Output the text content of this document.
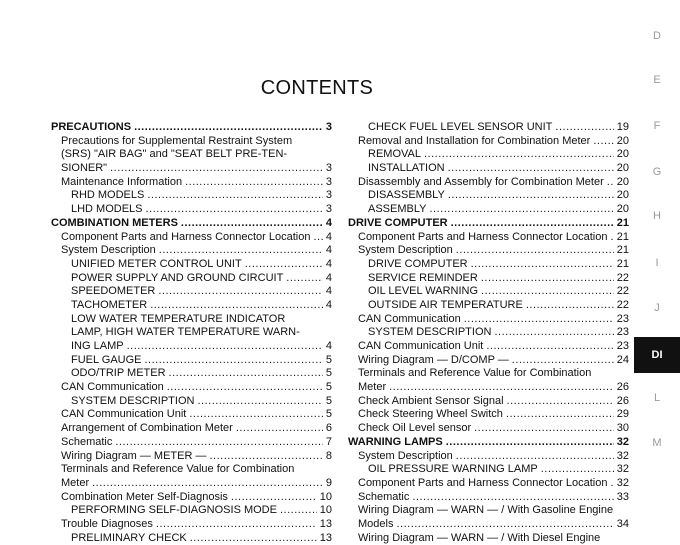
CONTENTS
PRECAUTIONS .....	3
Precautions for Supplemental Restraint System
(SRS) "AIR BAG" and "SEAT BELT PRE-TEN-
SIONER" .....	3
Maintenance Information .....	3
RHD MODELS .....	3
LHD MODELS .....	3
COMBINATION METERS .....	4
Component Parts and Harness Connector Location ..... 4
System Description .....	4
UNIFIED METER CONTROL UNIT .....	4
POWER SUPPLY AND GROUND CIRCUIT .....	4
SPEEDOMETER .....	4
TACHOMETER .....	4
LOW WATER TEMPERATURE INDICATOR
LAMP, HIGH WATER TEMPERATURE WARN-
ING LAMP .....	4
FUEL GAUGE .....	5
ODO/TRIP METER .....	5
CAN Communication .....	5
SYSTEM DESCRIPTION .....	5
CAN Communication Unit .....	5
Arrangement of Combination Meter .....	6
Schematic .....	7
Wiring Diagram — METER — .....	8
Terminals and Reference Value for Combination
Meter .....	9
Combination Meter Self-Diagnosis .....	10
PERFORMING SELF-DIAGNOSIS MODE .....	10
Trouble Diagnoses .....	13
PRELIMINARY CHECK .....	13
CHECK FUEL LEVEL SENSOR UNIT .....	19
Removal and Installation for Combination Meter ..... 20
REMOVAL .....	20
INSTALLATION .....	20
Disassembly and Assembly for Combination Meter ..... 20
DISASSEMBLY .....	20
ASSEMBLY .....	20
DRIVE COMPUTER .....	21
Component Parts and Harness Connector Location ..... 21
System Description .....	21
DRIVE COMPUTER .....	21
SERVICE REMINDER .....	22
OIL LEVEL WARNING .....	22
OUTSIDE AIR TEMPERATURE .....	22
CAN Communication .....	23
SYSTEM DESCRIPTION .....	23
CAN Communication Unit .....	23
Wiring Diagram — D/COMP — .....	24
Terminals and Reference Value for Combination
Meter .....	26
Check Ambient Sensor Signal .....	26
Check Steering Wheel Switch .....	29
Check Oil Level sensor .....	30
WARNING LAMPS .....	32
System Description .....	32
OIL PRESSURE WARNING LAMP .....	32
Component Parts and Harness Connector Location ..... 32
Schematic .....	33
Wiring Diagram — WARN — / With Gasoline Engine
Models .....	34
Wiring Diagram — WARN — / With Diesel Engine
D
E
F
G
H
I
J
DI
L
M
